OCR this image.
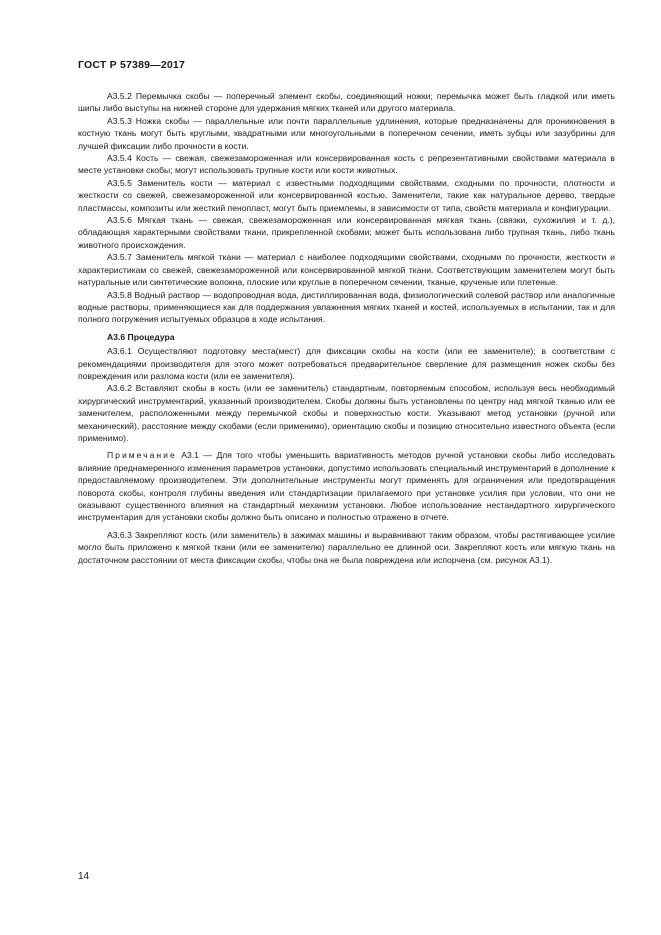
ГОСТ Р 57389—2017

А3.5.2 Перемычка скобы — поперечный элемент скобы, соединяющий ножки; перемычка может быть гладкой или иметь шипы либо выступы на нижней стороне для удержания мягких тканей или другого материала.

А3.5.3 Ножка скобы — параллельные или почти параллельные удлинения, которые предназначены для проникновения в костную ткань могут быть круглыми, квадратными или многоугольными в поперечном сечении, иметь зубцы или зазубрины для лучшей фиксации либо прочности в кости.

А3.5.4 Кость — свежая, свежезамороженная или консервированная кость с репрезентативными свойствами материала в месте установки скобы; могут использовать трупные кости или кости животных.

А3.5.5 Заменитель кости — материал с известными подходящими свойствами, сходными по прочности, плотности и жесткости со свежей, свежезамороженной или консервированной костью. Заменители, такие как натуральное дерево, твердые пластмассы, композиты или жесткий пенопласт, могут быть приемлемы, в зависимости от типа, свойств материала и конфигурации.

А3.5.6 Мягкая ткань — свежая, свежезамороженная или консервированная мягкая ткань (связки, сухожилия и т. д.), обладающая характерными свойствами ткани, прикрепленной скобами; может быть использована либо трупная ткань, либо ткань животного происхождения.

А3.5.7 Заменитель мягкой ткани — материал с наиболее подходящими свойствами, сходными по прочности, жесткости и характеристикам со свежей, свежезамороженной или консервированной мягкой ткани. Соответствующим заменителем могут быть натуральные или синтетические волокна, плоские или круглые в поперечном сечении, тканые, крученые или плетеные.

А3.5.8 Водный раствор — водопроводная вода, дистиллированная вода, физиологический солевой раствор или аналогичные водные растворы, применяющиеся как для поддержания увлажнения мягких тканей и костей, используемых в испытании, так и для полного погружения испытуемых образцов в ходе испытания.

А3.6 Процедура

А3.6.1 Осуществляют подготовку места(мест) для фиксации скобы на кости (или ее заменителе); в соответствии с рекомендациями производителя для этого может потребоваться предварительное сверление для размещения ножек скобы без повреждения или разлома кости (или ее заменителя).

А3.6.2 Вставляют скобы в кость (или ее заменитель) стандартным, повторяемым способом, используя весь необходимый хирургический инструментарий, указанный производителем. Скобы должны быть установлены по центру над мягкой тканью или ее заменителем, расположенными между перемычкой скобы и поверхностью кости. Указывают метод установки (ручной или механический), расстояние между скобами (если применимо), ориентацию скобы и позицию относительно известного объекта (если применимо).

Примечание А3.1 — Для того чтобы уменьшить вариативность методов ручной установки скобы либо исследовать влияние преднамеренного изменения параметров установки, допустимо использовать специальный инструментарий в дополнение к предоставляемому производителем. Эти дополнительные инструменты могут применять для ограничения или предотвращения поворота скобы, контроля глубины введения или стандартизации прилагаемого при установке усилия при условии, что они не оказывают существенного влияния на стандартный механизм установки. Любое использование нестандартного хирургического инструментария для установки скобы должно быть описано и полностью отражено в отчете.

А3.6.3 Закрепляют кость (или заменитель) в зажимах машины и выравнивают таким образом, чтобы растягивающее усилие могло быть приложено к мягкой ткани (или ее заменителю) параллельно ее длинной оси. Закрепляют кость или мягкую ткань на достаточном расстоянии от места фиксации скобы, чтобы она не была повреждена или испорчена (см. рисунок А3.1).

14
